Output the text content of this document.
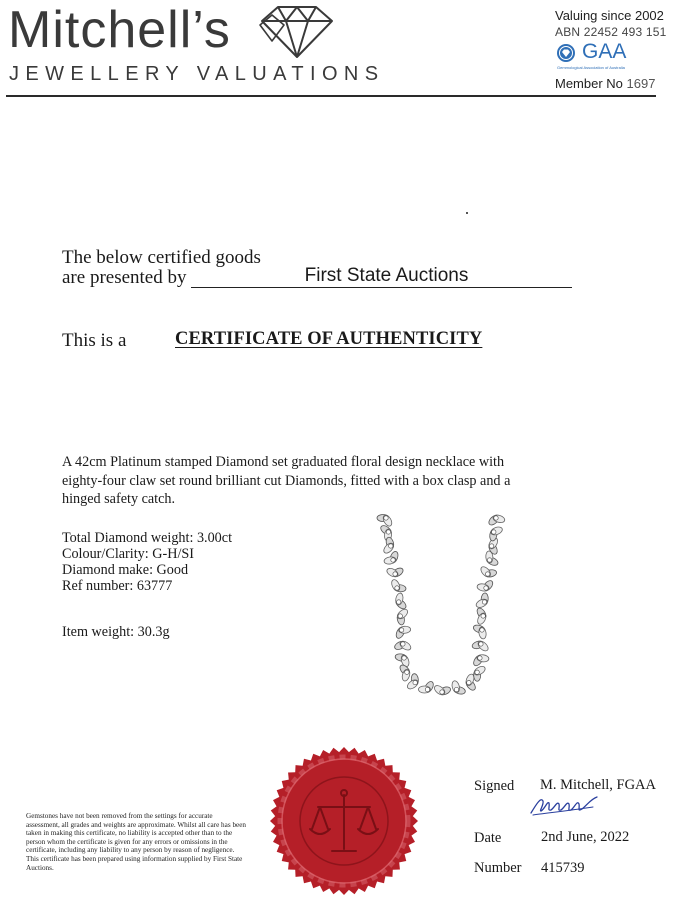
Mitchell’s
JEWELLERY VALUATIONS
Valuing since 2002
ABN 22452 493 151
GAA
Gemmological Association of Australia
Member No 1697
The below certified goods
are presented by	First State Auctions
This is a	CERTIFICATE OF AUTHENTICITY
A 42cm Platinum stamped Diamond set graduated floral design necklace with eighty-four claw set round brilliant cut Diamonds, fitted with a box clasp and a hinged safety catch.
Total Diamond weight: 3.00ct
Colour/Clarity: G-H/SI
Diamond make: Good
Ref number: 63777
Item weight: 30.3g
Gemstones have not been removed from the settings for accurate assessment, all grades and weights are approximate. Whilst all care has been taken in making this certificate, no liability is accepted other than to the person whom the certificate is given for any errors or omissions in the certificate, including any liability to any person by reason of negligence. This certificate has been prepared using information supplied by First State Auctions.
Signed M. Mitchell, FGAA
Date	2nd June, 2022
Number 415739
